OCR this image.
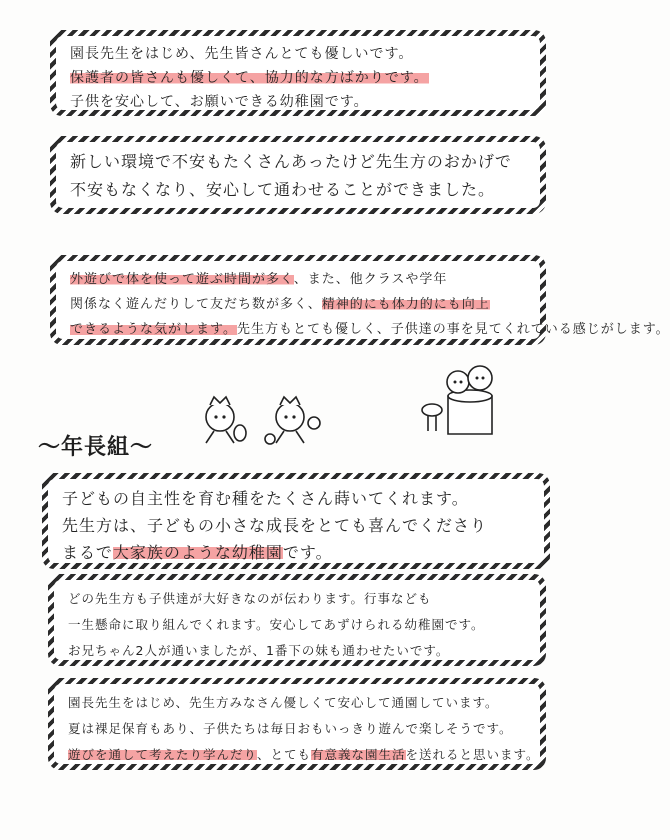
園長先生をはじめ、先生皆さんとても優しいです。

保護者の皆さんも優しくて、協力的な方ばかりです。

子供を安心して、お願いできる幼稚園です。

新しい環境で不安もたくさんあったけど先生方のおかげで

不安もなくなり、安心して通わせることができました。

外遊びで体を使って遊ぶ時間が多く、また、他クラスや学年

関係なく遊んだりして友だち数が多く、精神的にも体力的にも向上

できるような気がします。先生方もとても優しく、子供達の事を見てくれている感じがします。

〜年長組〜

子どもの自主性を育む種をたくさん蒔いてくれます。

先生方は、子どもの小さな成長をとても喜んでくださり

まるで大家族のような幼稚園です。

どの先生方も子供達が大好きなのが伝わります。行事なども

一生懸命に取り組んでくれます。安心してあずけられる幼稚園です。

お兄ちゃん2人が通いましたが、1番下の妹も通わせたいです。

園長先生をはじめ、先生方みなさん優しくて安心して通園しています。

夏は裸足保育もあり、子供たちは毎日おもいっきり遊んで楽しそうです。

遊びを通して考えたり学んだり、とても有意義な園生活を送れると思います。
